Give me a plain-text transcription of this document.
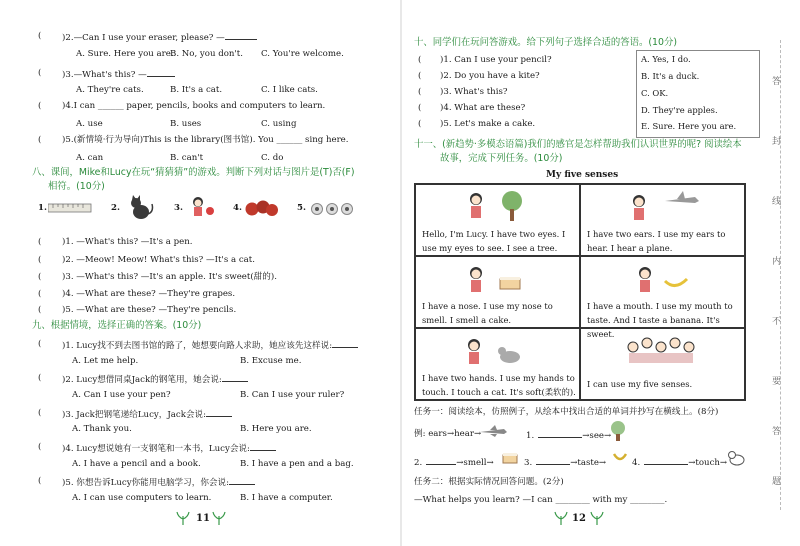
( )2.—Can I use your eraser, please? —
A. Sure. Here you are.
B. No, you don't. C. You're welcome.
( )3.—What's this? —
A. They're cats.	B. It's a cat.	C. I like cats.
( )4.I can ______ paper, pencils, books and computers to learn.
A. use	B. uses	C. using
( )5.(新情境·行为导向)This is the library(图书馆). You ______ sing here.
A. can	B. can't	C. do
八、课间，Mike和Lucy在玩“猜猜猜”的游戏。判断下列对话与图片是(T)否(F)
相符。(10分)
1.	2.	3.	4.	5.
( )1. —What's this? —It's a pen.
( )2. —Meow! Meow! What's this? —It's a cat.
( )3. —What's this? —It's an apple. It's sweet(甜的).
( )4. —What are these? —They're grapes.
( )5. —What are these? —They're pencils.
九、根据情境，选择正确的答案。(10分)
( )1. Lucy找不到去图书馆的路了，她想要向路人求助，她应该先这样说:
A. Let me help.	B. Excuse me.
( )2. Lucy想借同桌Jack的钢笔用，她会说:
A. Can I use your pen?	B. Can I use your ruler?
( )3. Jack把钢笔递给Lucy，Jack会说:
A. Thank you.	B. Here you are.
( )4. Lucy想说她有一支钢笔和一本书，Lucy会说:
A. I have a pencil and a book.	B. I have a pen and a bag.
( )5. 你想告诉Lucy你能用电脑学习，你会说:
A. I can use computers to learn.	B. I have a computer.
11
十、同学们在玩问答游戏。给下列句子选择合适的答语。(10分)
( )1. Can I use your pencil?
( )2. Do you have a kite?
( )3. What's this?
( )4. What are these?
( )5. Let's make a cake.
A. Yes, I do.
B. It's a duck.
C. OK.
D. They're apples.
E. Sure. Here you are.
十一、(新趋势·多模态语篇)我们的感官是怎样帮助我们认识世界的呢? 阅读绘本
故事，完成下列任务。(10分)
My five senses
Hello, I'm Lucy. I have two eyes. I
use my eyes to see. I see a tree.
I have two ears. I use my ears to
hear. I hear a plane.
I have a nose. I use my nose to
smell. I smell a cake.
I have a mouth. I use my mouth to
taste. And I taste a banana. It's sweet.
I have two hands. I use my hands to
touch. I touch a cat. It's soft(柔软的).
I can use my five senses.
任务一：阅读绘本，仿照例子，从绘本中找出合适的单词并抄写在横线上。(8分)
例: ears→hear→	1.	→see→
2.	→smell→	3.	→taste→	4.	→touch→
任务二：根据实际情况回答问题。(2分)
—What helps you learn? —I can ________ with my ________.
12
答
封
线
内
不
要
答
题
